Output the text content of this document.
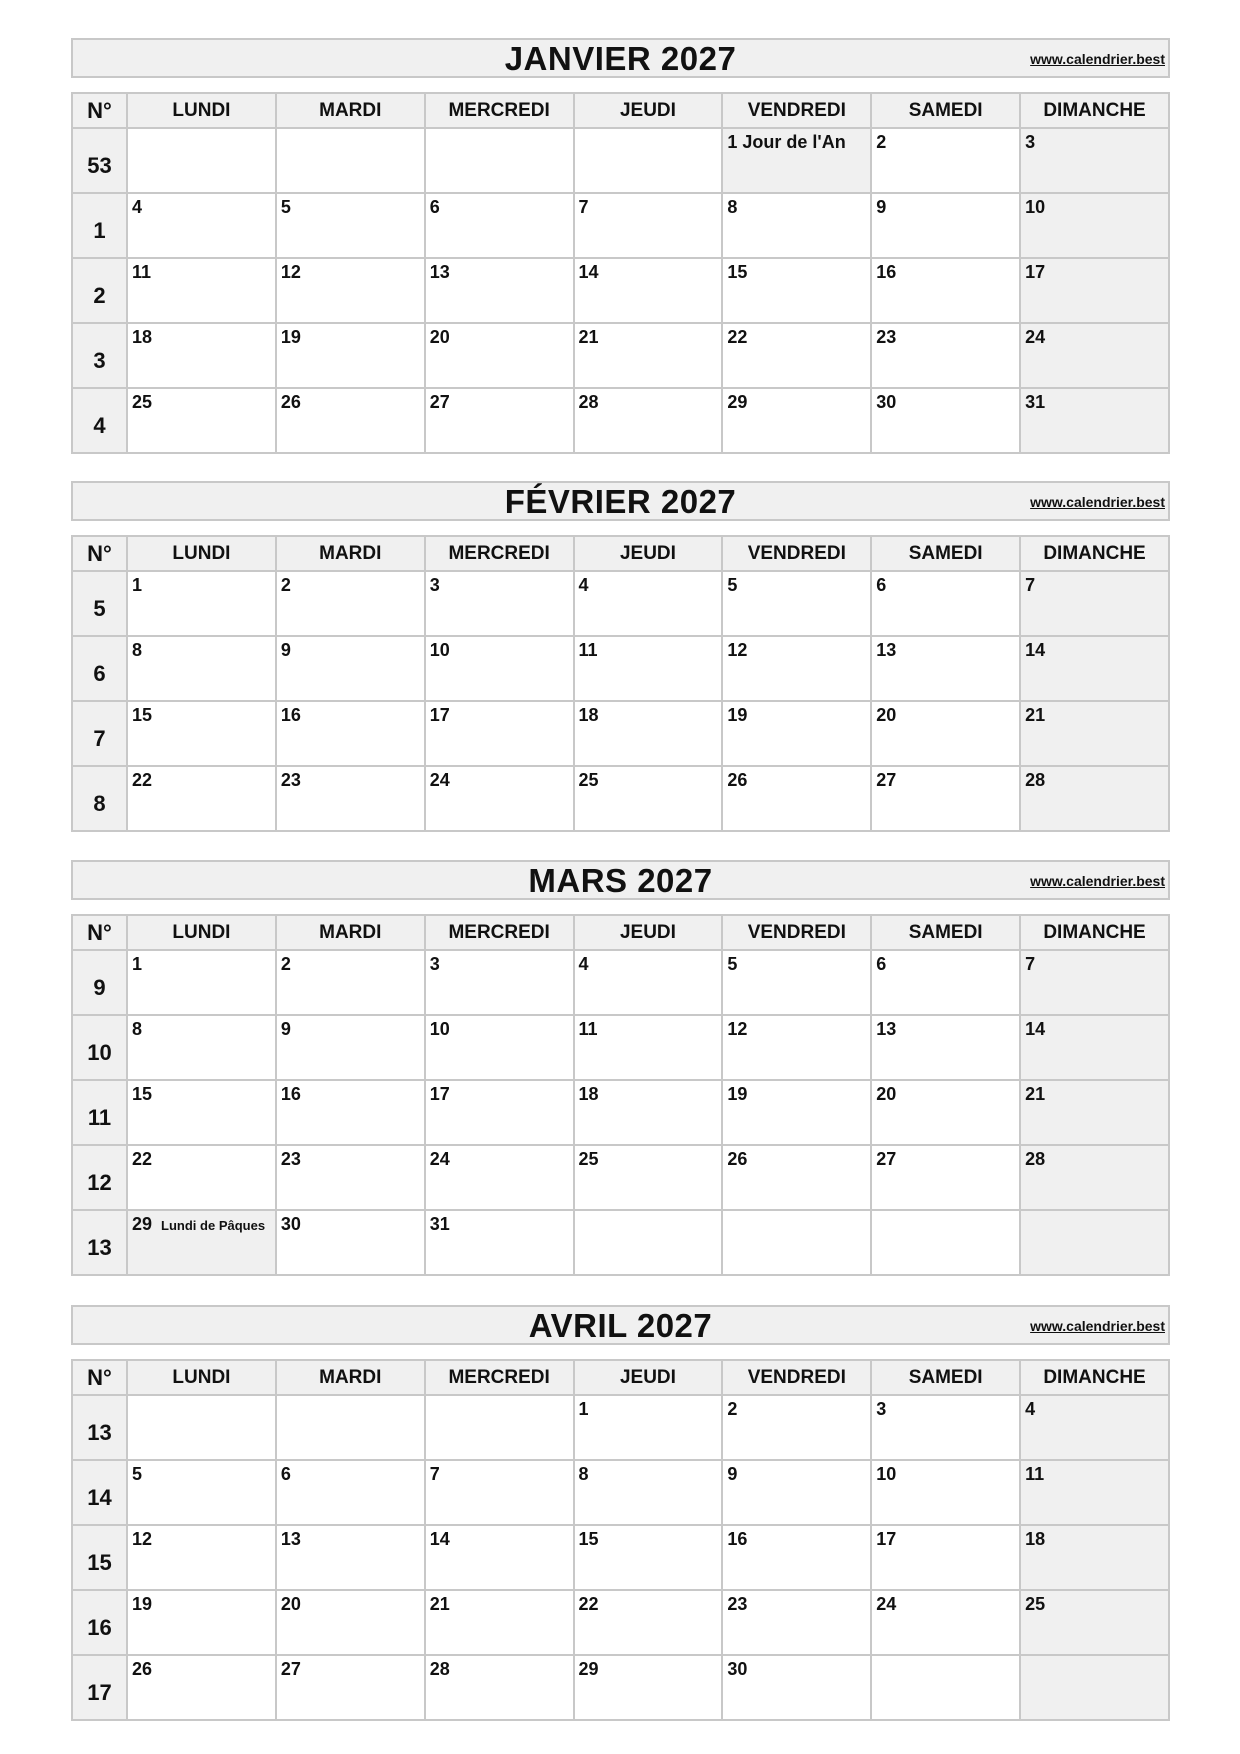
JANVIER 2027	www.calendrier.best
N°	LUNDI	MARDI	MERCREDI	JEUDI	VENDREDI	SAMEDI	DIMANCHE
53					1 Jour de l'An	2	3
1	4	5	6	7	8	9	10
2	11	12	13	14	15	16	17
3	18	19	20	21	22	23	24
4	25	26	27	28	29	30	31
FÉVRIER 2027	www.calendrier.best
N°	LUNDI	MARDI	MERCREDI	JEUDI	VENDREDI	SAMEDI	DIMANCHE
5	1	2	3	4	5	6	7
6	8	9	10	11	12	13	14
7	15	16	17	18	19	20	21
8	22	23	24	25	26	27	28
MARS 2027	www.calendrier.best
N°	LUNDI	MARDI	MERCREDI	JEUDI	VENDREDI	SAMEDI	DIMANCHE
9	1	2	3	4	5	6	7
10	8	9	10	11	12	13	14
11	15	16	17	18	19	20	21
12	22	23	24	25	26	27	28
13	29 Lundi de Pâques	30	31				
AVRIL 2027	www.calendrier.best
N°	LUNDI	MARDI	MERCREDI	JEUDI	VENDREDI	SAMEDI	DIMANCHE
13				1	2	3	4
14	5	6	7	8	9	10	11
15	12	13	14	15	16	17	18
16	19	20	21	22	23	24	25
17	26	27	28	29	30		
